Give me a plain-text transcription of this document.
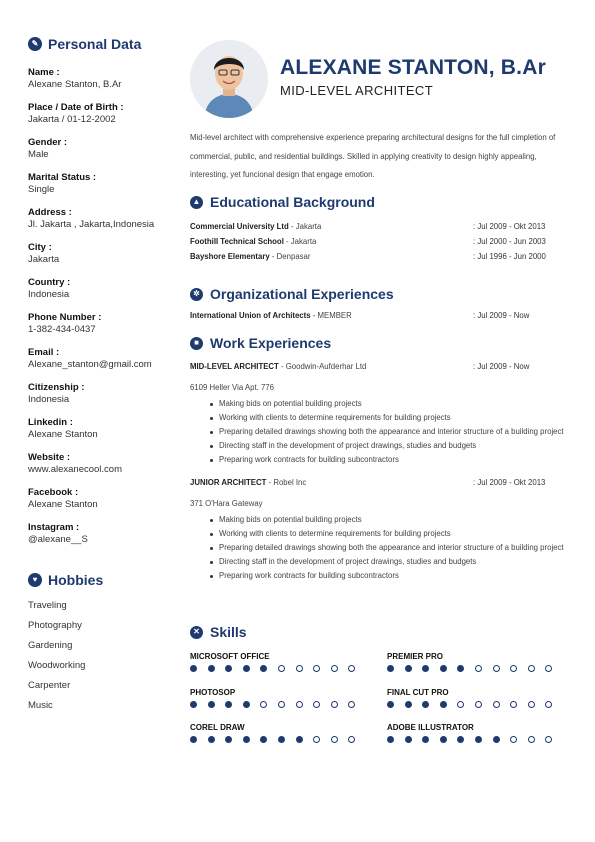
✎ Personal Data
Name :
Alexane Stanton, B.Ar
Place / Date of Birth :
Jakarta / 01-12-2002
Gender :
Male
Marital Status :
Single
Address :
Jl. Jakarta , Jakarta,Indonesia
City :
Jakarta
Country :
Indonesia
Phone Number :
1-382-434-0437
Email :
Alexane_stanton@gmail.com
Citizenship :
Indonesia
Linkedin :
Alexane Stanton
Website :
www.alexanecool.com
Facebook :
Alexane Stanton
Instagram :
@alexane__S
♥ Hobbies
Traveling
Photography
Gardening
Woodworking
Carpenter
Music
ALEXANE STANTON, B.Ar
MID-LEVEL ARCHITECT
Mid-level architect with comprehensive experience preparing architectural designs for the full cimpletion of commercial, public, and residential buildings. Skilled in applying creativity to design highly appealing, interesting, yet funcional design that engage emotion.
▲ Educational Background
Commercial University Ltd - Jakarta	: Jul 2009 - Okt 2013
Foothill Technical School - Jakarta	: Jul 2000 - Jun 2003
Bayshore Elementary - Denpasar	: Jul 1996 - Jun 2000
✲ Organizational Experiences
International Union of Architects - MEMBER	: Jul 2009 - Now
■ Work Experiences
MID-LEVEL ARCHITECT - Goodwin-Aufderhar Ltd	: Jul 2009 - Now
6109 Heller Via Apt. 776
Making bids on potential building projects
Working with clients to determine requirements for building projects
Preparing detailed drawings showing both the appearance and interior structure of a building project
Directing staff in the development of project drawings, studies and budgets
Preparing work contracts for building subcontractors
JUNIOR ARCHITECT - Robel Inc	: Jul 2009 - Okt 2013
371 O'Hara Gateway
Making bids on potential building projects
Working with clients to determine requirements for building projects
Preparing detailed drawings showing both the appearance and interior structure of a building project
Directing staff in the development of project drawings, studies and budgets
Preparing work contracts for building subcontractors
✕ Skills
MICROSOFT OFFICE	PREMIER PRO
PHOTOSOP	FINAL CUT PRO
COREL DRAW	ADOBE ILLUSTRATOR
